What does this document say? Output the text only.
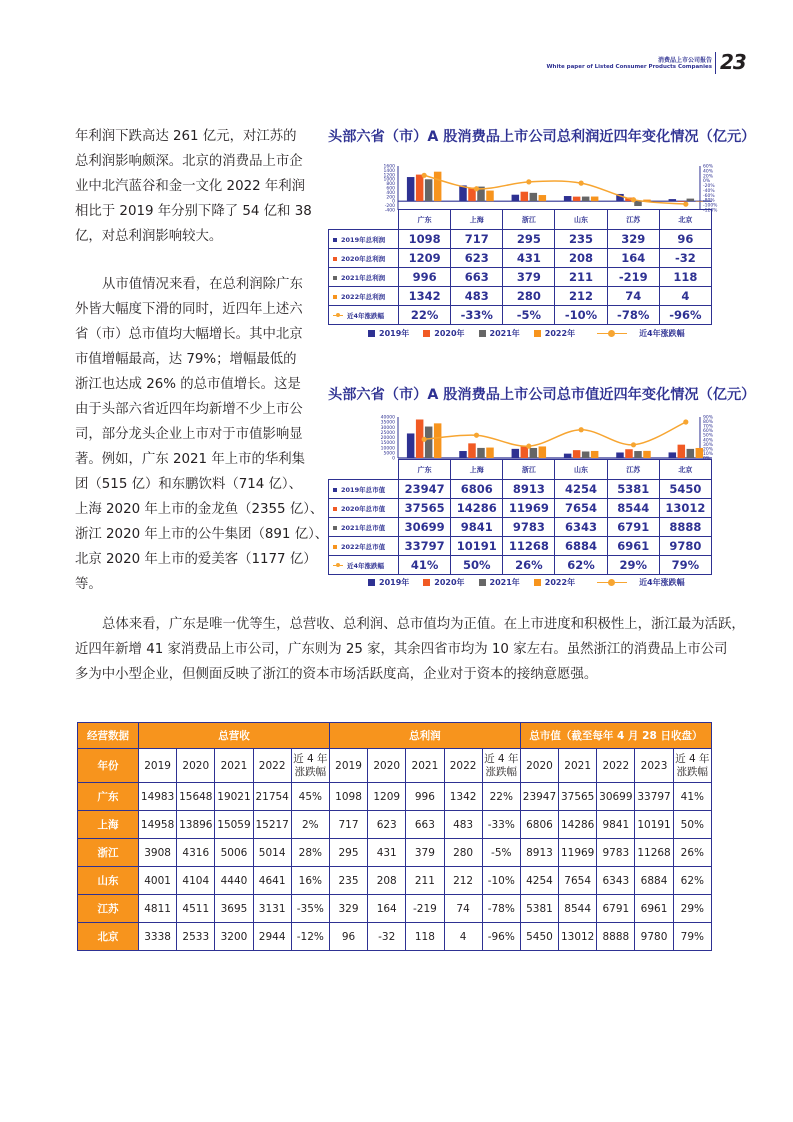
消费品上市公司报告
White paper of Listed Consumer Products Companies 23
年利润下跌高达 261 亿元，对江苏的
总利润影响颇深。北京的消费品上市企
业中北汽蓝谷和金一文化 2022 年利润
相比于 2019 年分别下降了 54 亿和 38
亿，对总利润影响较大。
从市值情况来看，在总利润除广东
外皆大幅度下滑的同时，近四年上述六
省（市）总市值均大幅增长。其中北京
市值增幅最高，达 79%；增幅最低的
浙江也达成 26% 的总市值增长。这是
由于头部六省近四年均新增不少上市公
司，部分龙头企业上市对于市值影响显
著。例如，广东 2021 年上市的华利集
团（515 亿）和东鹏饮料（714 亿）、
上海 2020 年上市的金龙鱼（2355 亿）、
浙江 2020 年上市的公牛集团（891 亿）、
北京 2020 年上市的爱美客（1177 亿）
等。
头部六省（市）A 股消费品上市公司总利润近四年变化情况（亿元）
1600
1400
1200
1000
800
600
400
200
0
-200
-400
60%
40%
20%
0%
-20%
-40%
-60%
-80%
-100%
-120%
	广东	上海	浙江	山东	江苏	北京
2019年总利润	1098	717	295	235	329	96
2020年总利润	1209	623	431	208	164	-32
2021年总利润	996	663	379	211	-219	118
2022年总利润	1342	483	280	212	74	4
近4年涨跌幅	22%	-33%	-5%	-10%	-78%	-96%
2019年	2020年	2021年	2022年	近4年涨跌幅
头部六省（市）A 股消费品上市公司总市值近四年变化情况（亿元）
40000
35000
30000
25000
20000
15000
10000
5000
0
90%
80%
70%
60%
50%
40%
30%
20%
10%
0%
	广东	上海	浙江	山东	江苏	北京
2019年总市值	23947	6806	8913	4254	5381	5450
2020年总市值	37565	14286	11969	7654	8544	13012
2021年总市值	30699	9841	9783	6343	6791	8888
2022年总市值	33797	10191	11268	6884	6961	9780
近4年涨跌幅	41%	50%	26%	62%	29%	79%
2019年	2020年	2021年	2022年	近4年涨跌幅
总体来看，广东是唯一优等生，总营收、总利润、总市值均为正值。在上市进度和积极性上，浙江最为活跃，
近四年新增 41 家消费品上市公司，广东则为 25 家，其余四省市均为 10 家左右。虽然浙江的消费品上市公司
多为中小型企业，但侧面反映了浙江的资本市场活跃度高，企业对于资本的接纳意愿强。
经营数据	总营收					总利润					总市值（截至每年 4 月 28 日收盘）				
年份	2019	2020	2021	2022	近 4 年涨跌幅	2019	2020	2021	2022	近 4 年涨跌幅	2020	2021	2022	2023	近 4 年涨跌幅
广东	14983	15648	19021	21754	45%	1098	1209	996	1342	22%	23947	37565	30699	33797	41%
上海	14958	13896	15059	15217	2%	717	623	663	483	-33%	6806	14286	9841	10191	50%
浙江	3908	4316	5006	5014	28%	295	431	379	280	-5%	8913	11969	9783	11268	26%
山东	4001	4104	4440	4641	16%	235	208	211	212	-10%	4254	7654	6343	6884	62%
江苏	4811	4511	3695	3131	-35%	329	164	-219	74	-78%	5381	8544	6791	6961	29%
北京	3338	2533	3200	2944	-12%	96	-32	118	4	-96%	5450	13012	8888	9780	79%
